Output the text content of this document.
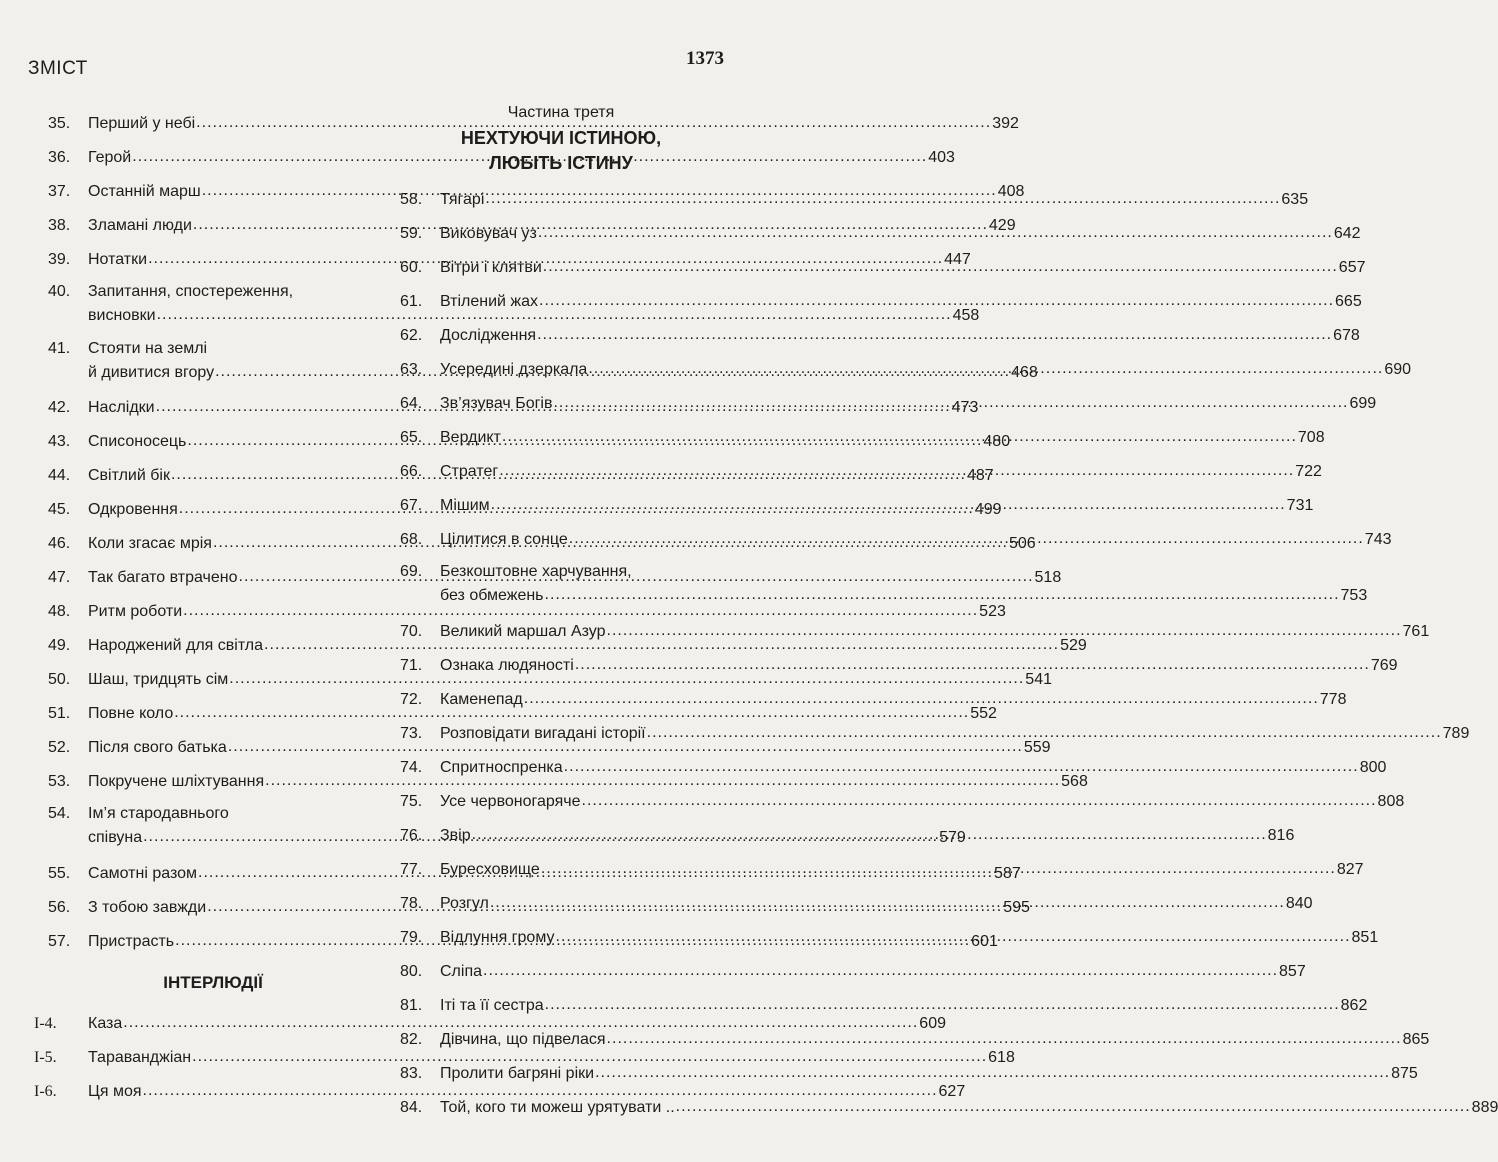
ЗМІСТ	1373
35.	Перший у небі .....	392
36.	Герой .....	403
37.	Останній марш .....	408
38.	Зламані люди .....	429
39.	Нотатки .....	447
40.	Запитання, спостереження,
висновки .....	458
41.	Стояти на землі
й дивитися вгору .....	468
42.	Наслідки .....	473
43.	Списоносець .....	480
44.	Світлий бік .....	487
45.	Одкровення .....	499
46.	Коли згасає мрія .....	506
47.	Так багато втрачено .....	518
48.	Ритм роботи .....	523
49.	Народжений для світла .....	529
50.	Шаш, тридцять сім .....	541
51.	Повне коло .....	552
52.	Після свого батька .....	559
53.	Покручене шліхтування .....	568
54.	Ім’я стародавнього
співуна .....	579
55.	Самотні разом .....	587
56.	З тобою завжди .....	595
57.	Пристрасть .....	601
ІНТЕРЛЮДІЇ
I-4.	Каза .....	609
I-5.	Тараванджіан .....	618
I-6.	Ця моя .....	627
Частина третя
НЕХТУЮЧИ ІСТИНОЮ,
ЛЮБІТЬ ІСТИНУ
58.	Тягарі .....	635
59.	Виковувач уз .....	642
60.	Вітри і клятви .....	657
61.	Втілений жах .....	665
62.	Дослідження .....	678
63.	Усередині дзеркала .....	690
64.	Зв’язувач Богів .....	699
65.	Вердикт .....	708
66.	Стратег .....	722
67.	Мішим .....	731
68.	Цілитися в сонце .....	743
69.	Безкоштовне харчування,
без обмежень .....	753
70.	Великий маршал Азур .....	761
71.	Ознака людяності .....	769
72.	Каменепад .....	778
73.	Розповідати вигадані історії .....	789
74.	Спритноспренка .....	800
75.	Усе червоногаряче .....	808
76.	Звір .....	816
77.	Буресховище .....	827
78.	Розгул .....	840
79.	Відлуння грому .....	851
80.	Сліпа .....	857
81.	Іті та її сестра .....	862
82.	Дівчина, що підвелася .....	865
83.	Пролити багряні ріки .....	875
84.	Той, кого ти можеш урятувати .. .....	889
